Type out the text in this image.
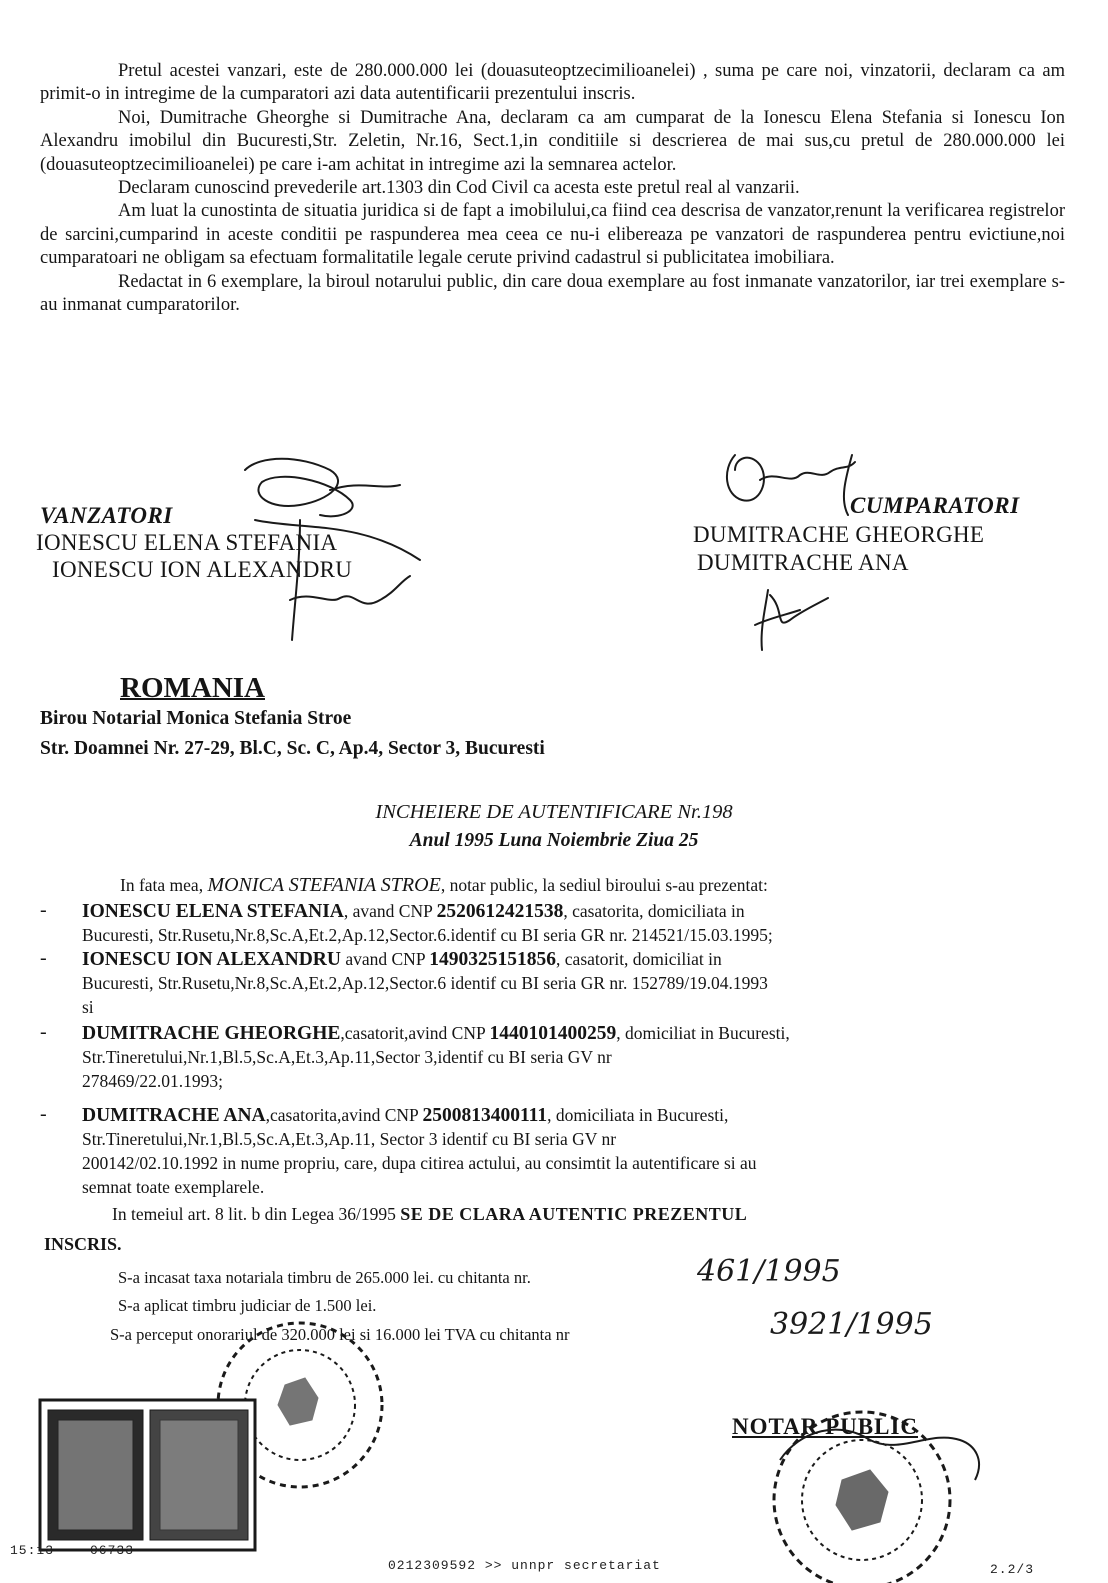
Pretul acestei vanzari, este de 280.000.000 lei (douasuteoptzecimilioanelei) , suma pe care noi, vinzatorii, declaram ca am primit-o in intregime de la cumparatori azi data autentificarii prezentului inscris.

Noi, Dumitrache Gheorghe si Dumitrache Ana, declaram ca am cumparat de la Ionescu Elena Stefania si Ionescu Ion Alexandru imobilul din Bucuresti,Str. Zeletin, Nr.16, Sect.1,in conditiile si descrierea de mai sus,cu pretul de 280.000.000 lei (douasuteoptzecimilioanelei) pe care i-am achitat in intregime azi la semnarea actelor.

Declaram cunoscind prevederile art.1303 din Cod Civil ca acesta este pretul real al vanzarii.

Am luat la cunostinta de situatia juridica si de fapt a imobilului,ca fiind cea descrisa de vanzator,renunt la verificarea registrelor de sarcini,cumparind in aceste conditii pe raspunderea mea ceea ce nu-i elibereaza pe vanzatori de raspunderea pentru evictiune,noi cumparatoari ne obligam sa efectuam formalitatile legale cerute privind cadastrul si publicitatea imobiliara.

Redactat in 6 exemplare, la biroul notarului public, din care doua exemplare au fost inmanate vanzatorilor, iar trei exemplare s-au inmanat cumparatorilor.

VANZATORI
IONESCU ELENA STEFANIA
IONESCU ION ALEXANDRU
CUMPARATORI
DUMITRACHE GHEORGHE
DUMITRACHE ANA
ROMANIA
Birou Notarial Monica Stefania Stroe
Str. Doamnei Nr. 27-29, Bl.C, Sc. C, Ap.4, Sector 3, Bucuresti
INCHEIERE DE AUTENTIFICARE Nr.198
Anul 1995 Luna Noiembrie Ziua 25
In fata mea, MONICA STEFANIA STROE, notar public, la sediul biroului s-au prezentat:
- IONESCU ELENA STEFANIA, avand CNP 2520612421538, casatorita, domiciliata in
Bucuresti, Str.Rusetu,Nr.8,Sc.A,Et.2,Ap.12,Sector.6.identif cu BI seria GR nr. 214521/15.03.1995;
- IONESCU ION ALEXANDRU avand CNP 1490325151856, casatorit, domiciliat in
Bucuresti, Str.Rusetu,Nr.8,Sc.A,Et.2,Ap.12,Sector.6 identif cu BI seria GR nr. 152789/19.04.1993
si
- DUMITRACHE GHEORGHE,casatorit,avind CNP 1440101400259, domiciliat in Bucuresti,
Str.Tineretului,Nr.1,Bl.5,Sc.A,Et.3,Ap.11,Sector 3,identif cu BI seria GV nr
278469/22.01.1993;
- DUMITRACHE ANA,casatorita,avind CNP 2500813400111, domiciliata in Bucuresti,
Str.Tineretului,Nr.1,Bl.5,Sc.A,Et.3,Ap.11, Sector 3 identif cu BI seria GV nr
200142/02.10.1992 in nume propriu, care, dupa citirea actului, au consimtit la autentificare si au
semnat toate exemplarele.
In temeiul art. 8 lit. b din Legea 36/1995 SE DE CLARA AUTENTIC PREZENTUL
INSCRIS.
S-a incasat taxa notariala timbru de 265.000 lei. cu chitanta nr.
S-a aplicat timbru judiciar de 1.500 lei.
S-a perceput onorariul de 320.000 lei si 16.000 lei TVA cu chitanta nr
461/1995
3921/1995
NOTAR PUBLIC
15:13	06733
0212309592 >> unnpr secretariat	2.2/3
